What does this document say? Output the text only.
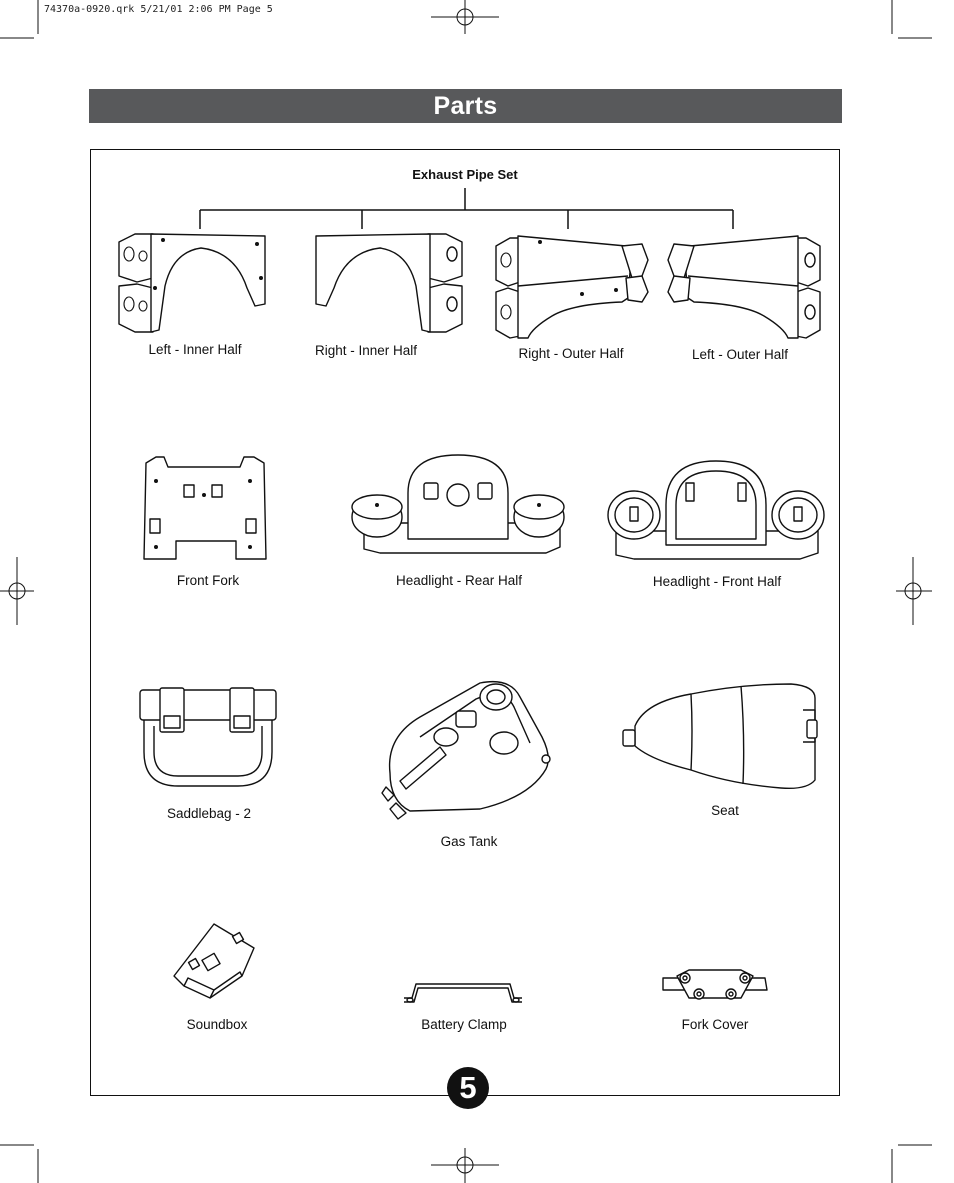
74370a-0920.qrk 5/21/01 2:06 PM Page 5
Parts
Exhaust Pipe Set
Left - Inner Half	Right - Inner Half	Right - Outer Half	Left - Outer Half
Front Fork	Headlight - Rear Half	Headlight - Front Half
Saddlebag - 2
Gas Tank
Seat
Soundbox	Battery Clamp	Fork Cover
5
